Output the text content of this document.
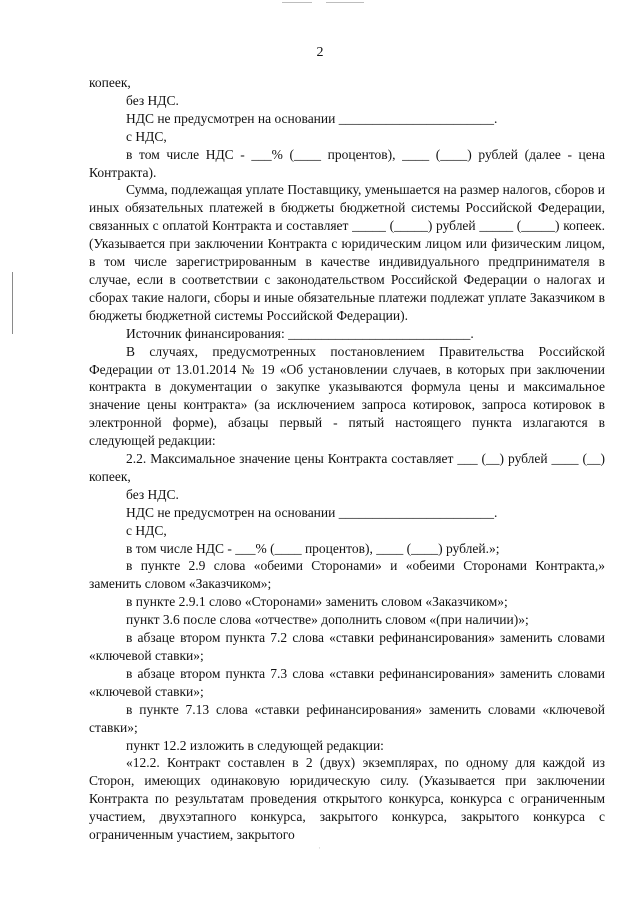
2

копеек,

без НДС.

НДС не предусмотрен на основании _______________________.

с НДС,

в том числе НДС - ___% (____ процентов), ____ (____) рублей (далее - цена Контракта).

Сумма, подлежащая уплате Поставщику, уменьшается на размер налогов, сборов и иных обязательных платежей в бюджеты бюджетной системы Российской Федерации, связанных с оплатой Контракта и составляет _____ (_____) рублей _____ (_____) копеек. (Указывается при заключении Контракта с юридическим лицом или физическим лицом, в том числе зарегистрированным в качестве индивидуального предпринимателя в случае, если в соответствии с законодательством Российской Федерации о налогах и сборах такие налоги, сборы и иные обязательные платежи подлежат уплате Заказчиком в бюджеты бюджетной системы Российской Федерации).

Источник финансирования: ___________________________.

В случаях, предусмотренных постановлением Правительства Российской Федерации от 13.01.2014 № 19 «Об установлении случаев, в которых при заключении контракта в документации о закупке указываются формула цены и максимальное значение цены контракта» (за исключением запроса котировок, запроса котировок в электронной форме), абзацы первый - пятый настоящего пункта излагаются в следующей редакции:

2.2. Максимальное значение цены Контракта составляет ___ (__) рублей ____ (__) копеек,

без НДС.

НДС не предусмотрен на основании _______________________.

с НДС,

в том числе НДС - ___% (____ процентов), ____ (____) рублей.»;

в пункте 2.9 слова «обеими Сторонами» и «обеими Сторонами Контракта,» заменить словом «Заказчиком»;

в пункте 2.9.1 слово «Сторонами» заменить словом «Заказчиком»;

пункт 3.6 после слова «отчестве» дополнить словом «(при наличии)»;

в абзаце втором пункта 7.2 слова «ставки рефинансирования» заменить словами «ключевой ставки»;

в абзаце втором пункта 7.3 слова «ставки рефинансирования» заменить словами «ключевой ставки»;

в пункте 7.13 слова «ставки рефинансирования» заменить словами «ключевой ставки»;

пункт 12.2 изложить в следующей редакции:

«12.2. Контракт составлен в 2 (двух) экземплярах, по одному для каждой из Сторон, имеющих одинаковую юридическую силу. (Указывается при заключении Контракта по результатам проведения открытого конкурса, конкурса с ограниченным участием, двухэтапного конкурса, закрытого конкурса, закрытого конкурса с ограниченным участием, закрытого

·
